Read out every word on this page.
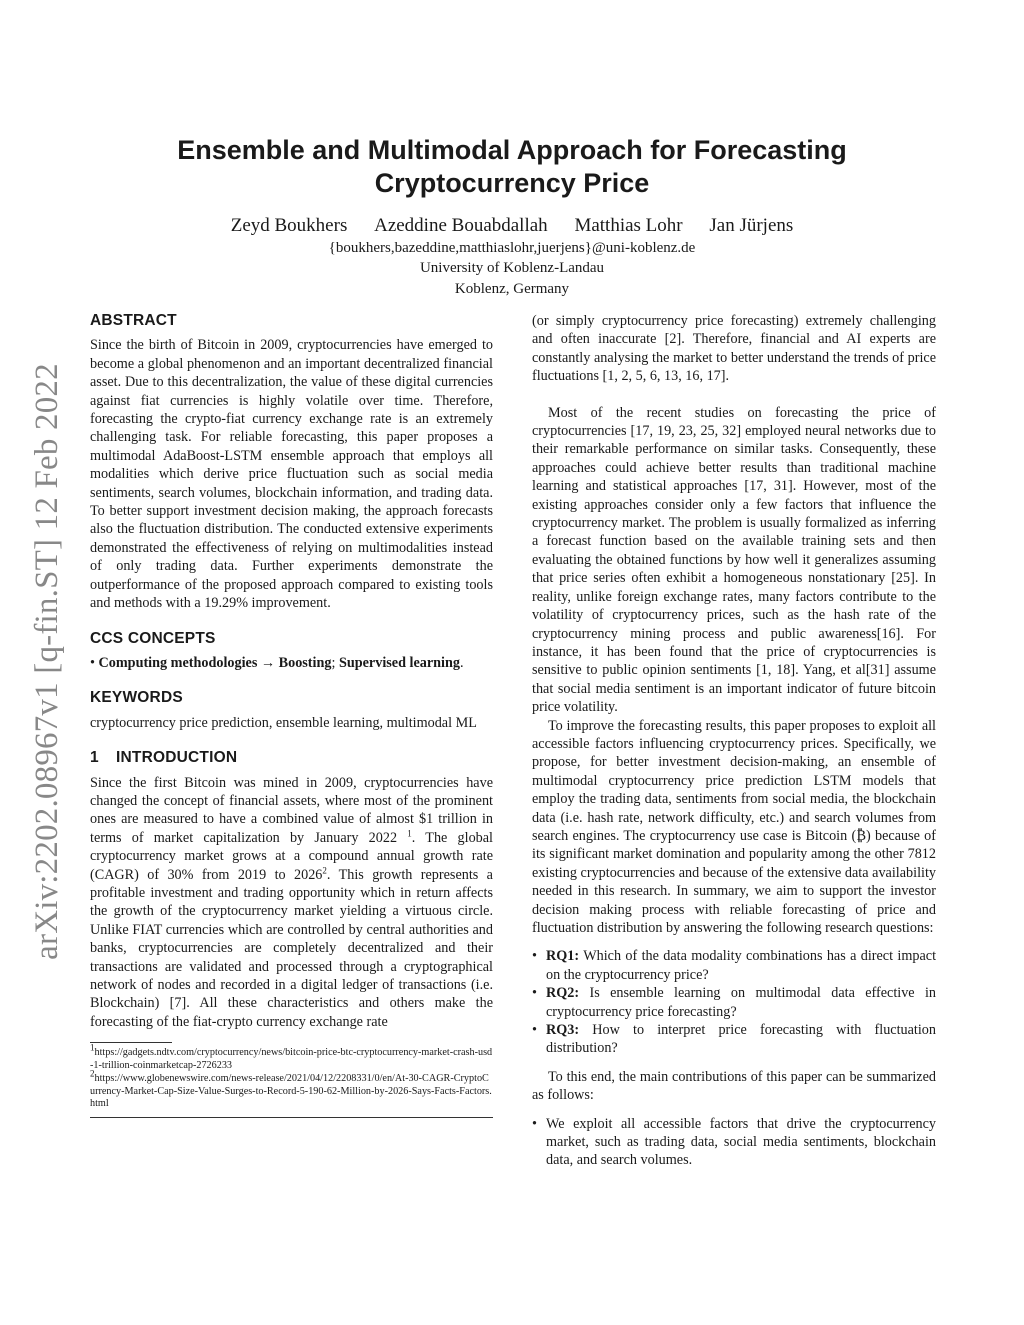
arXiv:2202.08967v1 [q-fin.ST] 12 Feb 2022
Ensemble and Multimodal Approach for Forecasting
Cryptocurrency Price
Zeyd Boukhers Azeddine Bouabdallah Matthias Lohr Jan Jürjens
{boukhers,bazeddine,matthiaslohr,juerjens}@uni-koblenz.de
University of Koblenz-Landau
Koblenz, Germany
ABSTRACT

Since the birth of Bitcoin in 2009, cryptocurrencies have emerged to become a global phenomenon and an important decentralized financial asset. Due to this decentralization, the value of these digital currencies against fiat currencies is highly volatile over time. Therefore, forecasting the crypto-fiat currency exchange rate is an extremely challenging task. For reliable forecasting, this paper proposes a multimodal AdaBoost-LSTM ensemble approach that employs all modalities which derive price fluctuation such as social media sentiments, search volumes, blockchain information, and trading data. To better support investment decision making, the approach forecasts also the fluctuation distribution. The conducted extensive experiments demonstrated the effectiveness of relying on multimodalities instead of only trading data. Further experiments demonstrate the outperformance of the proposed approach compared to existing tools and methods with a 19.29% improvement.

CCS CONCEPTS

• Computing methodologies → Boosting; Supervised learning.

KEYWORDS

cryptocurrency price prediction, ensemble learning, multimodal ML

1 INTRODUCTION

Since the first Bitcoin was mined in 2009, cryptocurrencies have changed the concept of financial assets, where most of the prominent ones are measured to have a combined value of almost $1 trillion in terms of market capitalization by January 2022 $^1$. The global cryptocurrency market grows at a compound annual growth rate (CAGR) of 30% from 2019 to 2026$^2$. This growth represents a profitable investment and trading opportunity which in return affects the growth of the cryptocurrency market yielding a virtuous circle. Unlike FIAT currencies which are controlled by central authorities and banks, cryptocurrencies are completely decentralized and their transactions are validated and processed through a cryptographical network of nodes and recorded in a digital ledger of transactions (i.e. Blockchain) [7]. All these characteristics and others make the forecasting of the fiat-crypto currency exchange rate

$^1$https://gadgets.ndtv.com/cryptocurrency/news/bitcoin-price-btc-cryptocurrency-market-crash-usd-1-trillion-coinmarketcap-2726233
$^2$https://www.globenewswire.com/news-release/2021/04/12/2208331/0/en/At-30-CAGR-CryptoCurrency-Market-Cap-Size-Value-Surges-to-Record-5-190-62-Million-by-2026-Says-Facts-Factors.html

(or simply cryptocurrency price forecasting) extremely challenging and often inaccurate [2]. Therefore, financial and AI experts are constantly analysing the market to better understand the trends of price fluctuations [1, 2, 5, 6, 13, 16, 17].

Most of the recent studies on forecasting the price of cryptocurrencies [17, 19, 23, 25, 32] employed neural networks due to their remarkable performance on similar tasks. Consequently, these approaches could achieve better results than traditional machine learning and statistical approaches [17, 31]. However, most of the existing approaches consider only a few factors that influence the cryptocurrency market. The problem is usually formalized as inferring a forecast function based on the available training sets and then evaluating the obtained functions by how well it generalizes assuming that price series often exhibit a homogeneous nonstationary [25]. In reality, unlike foreign exchange rates, many factors contribute to the volatility of cryptocurrency prices, such as the hash rate of the cryptocurrency mining process and public awareness[16]. For instance, it has been found that the price of cryptocurrencies is sensitive to public opinion sentiments [1, 18]. Yang, et al[31] assume that social media sentiment is an important indicator of future bitcoin price volatility.

To improve the forecasting results, this paper proposes to exploit all accessible factors influencing cryptocurrency prices. Specifically, we propose, for better investment decision-making, an ensemble of multimodal cryptocurrency price prediction LSTM models that employ the trading data, sentiments from social media, the blockchain data (i.e. hash rate, network difficulty, etc.) and search volumes from search engines. The cryptocurrency use case is Bitcoin (₿) because of its significant market domination and popularity among the other 7812 existing cryptocurrencies and because of the extensive data availability needed in this research. In summary, we aim to support the investor decision making process with reliable forecasting of price and fluctuation distribution by answering the following research questions:

• RQ1: Which of the data modality combinations has a direct impact on the cryptocurrency price?
• RQ2: Is ensemble learning on multimodal data effective in cryptocurrency price forecasting?
• RQ3: How to interpret price forecasting with fluctuation distribution?

To this end, the main contributions of this paper can be summarized as follows:

• We exploit all accessible factors that drive the cryptocurrency market, such as trading data, social media sentiments, blockchain data, and search volumes.
